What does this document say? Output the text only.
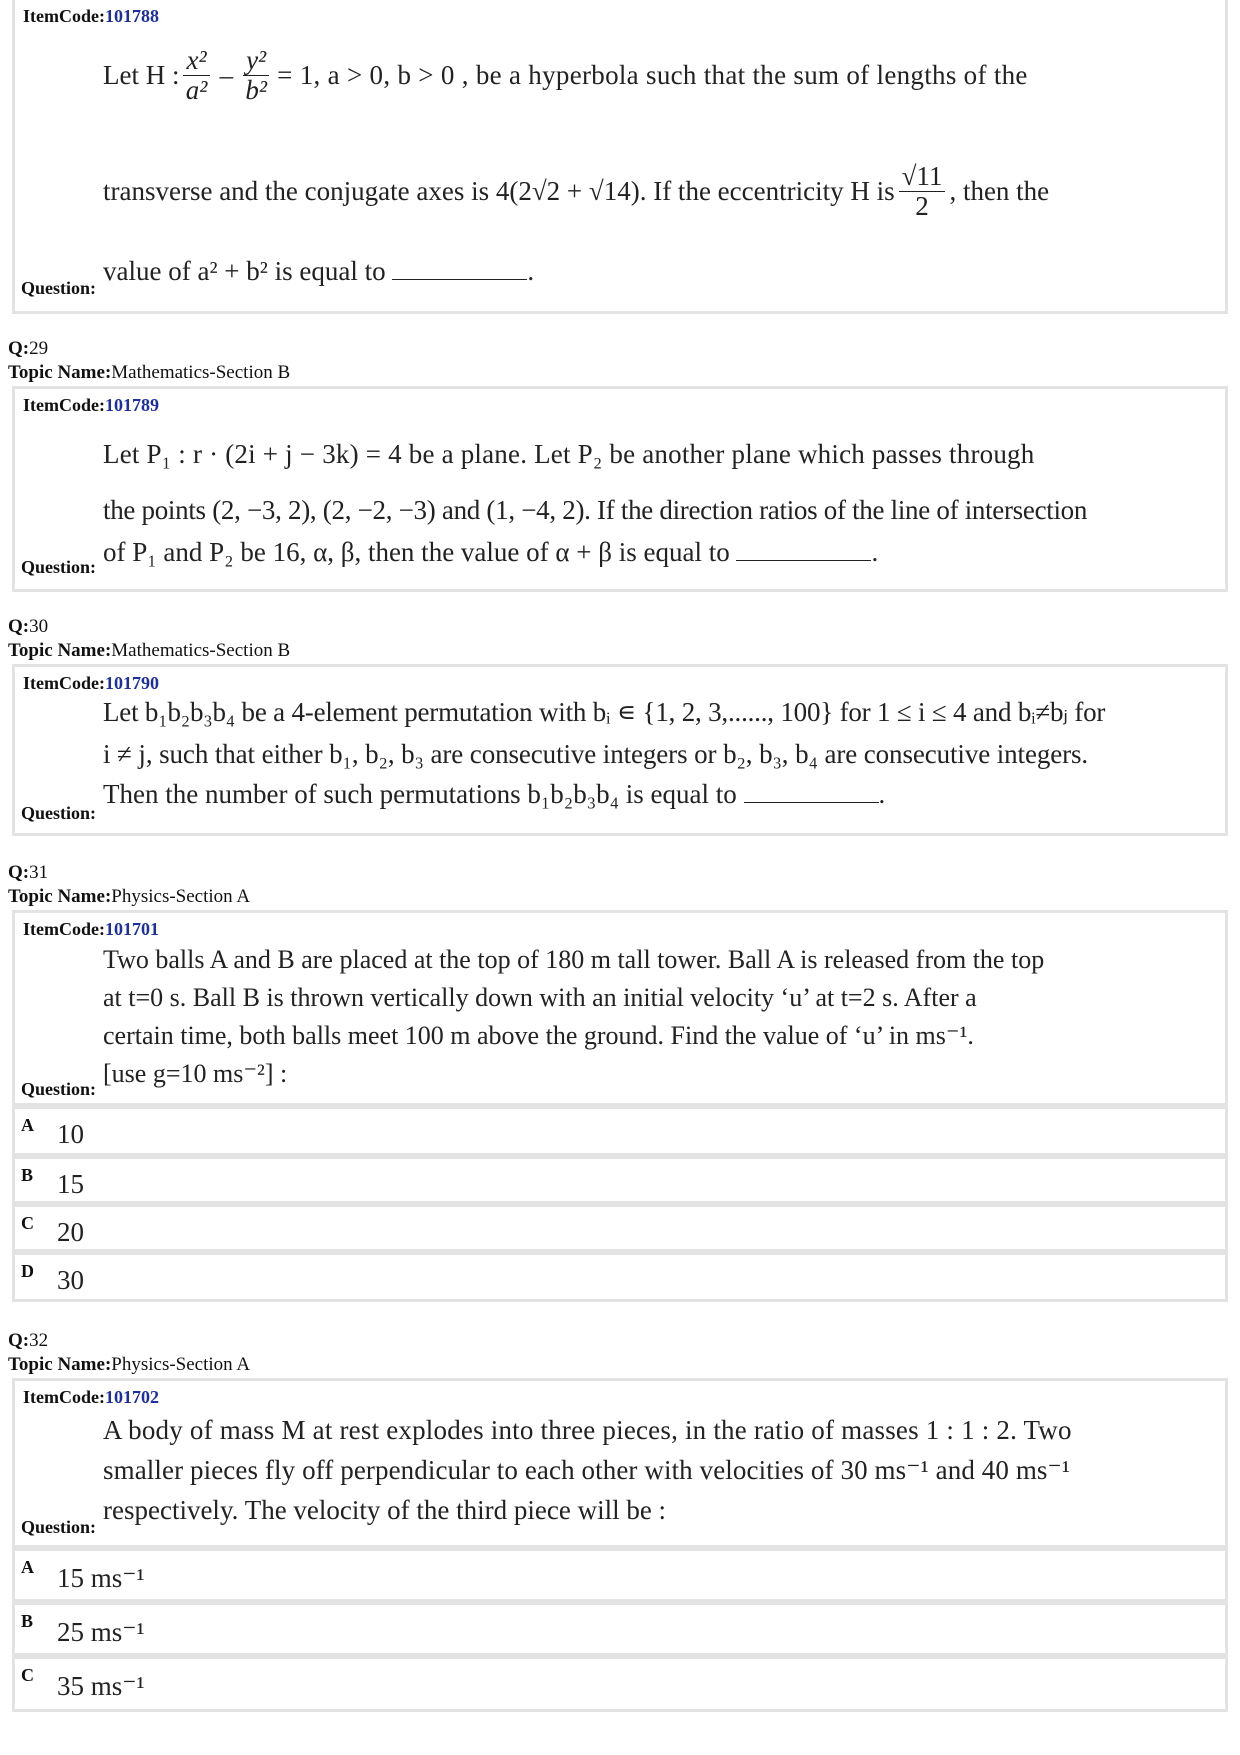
ItemCode:101788
Let H : $\frac{\text{x²}}{\text{a²}} - \frac{\text{y²}}{\text{b²}} = 1$, a > 0, b > 0 , be a hyperbola such that the sum of lengths of the
transverse and the conjugate axes is 4(2√2 + √14). If the eccentricity H is $\frac{√11}{2}$ , then the
value of a² + b² is equal to	.
Question:
Q:29
Topic Name:Mathematics-Section B
ItemCode:101789
Let P₁ : r · (2i + j − 3k) = 4 be a plane. Let P₂ be another plane which passes through
the points (2, −3, 2), (2, −2, −3) and (1, −4, 2). If the direction ratios of the line of intersection
of P₁ and P₂ be 16, α, β, then the value of α + β is equal to	.
Question:
Q:30
Topic Name:Mathematics-Section B
ItemCode:101790
Let b₁b₂b₃b₄ be a 4-element permutation with bᵢ ∊ {1, 2, 3,......, 100} for 1 ≤ i ≤ 4 and bᵢ≠bⱼ for
i ≠ j, such that either b₁, b₂, b₃ are consecutive integers or b₂, b₃, b₄ are consecutive integers.
Then the number of such permutations b₁b₂b₃b₄ is equal to	.
Question:
Q:31
Topic Name:Physics-Section A
ItemCode:101701
Two balls A and B are placed at the top of 180 m tall tower. Ball A is released from the top
at t=0 s. Ball B is thrown vertically down with an initial velocity ‘u’ at t=2 s. After a
certain time, both balls meet 100 m above the ground. Find the value of ‘u’ in ms⁻¹.
[use g=10 ms⁻²] :
Question:
A 10
B 15
C 20
D 30
Q:32
Topic Name:Physics-Section A
ItemCode:101702
A body of mass M at rest explodes into three pieces, in the ratio of masses 1 : 1 : 2. Two
smaller pieces fly off perpendicular to each other with velocities of 30 ms⁻¹ and 40 ms⁻¹
respectively. The velocity of the third piece will be :
Question:
A 15 ms⁻¹
B 25 ms⁻¹
C 35 ms⁻¹
